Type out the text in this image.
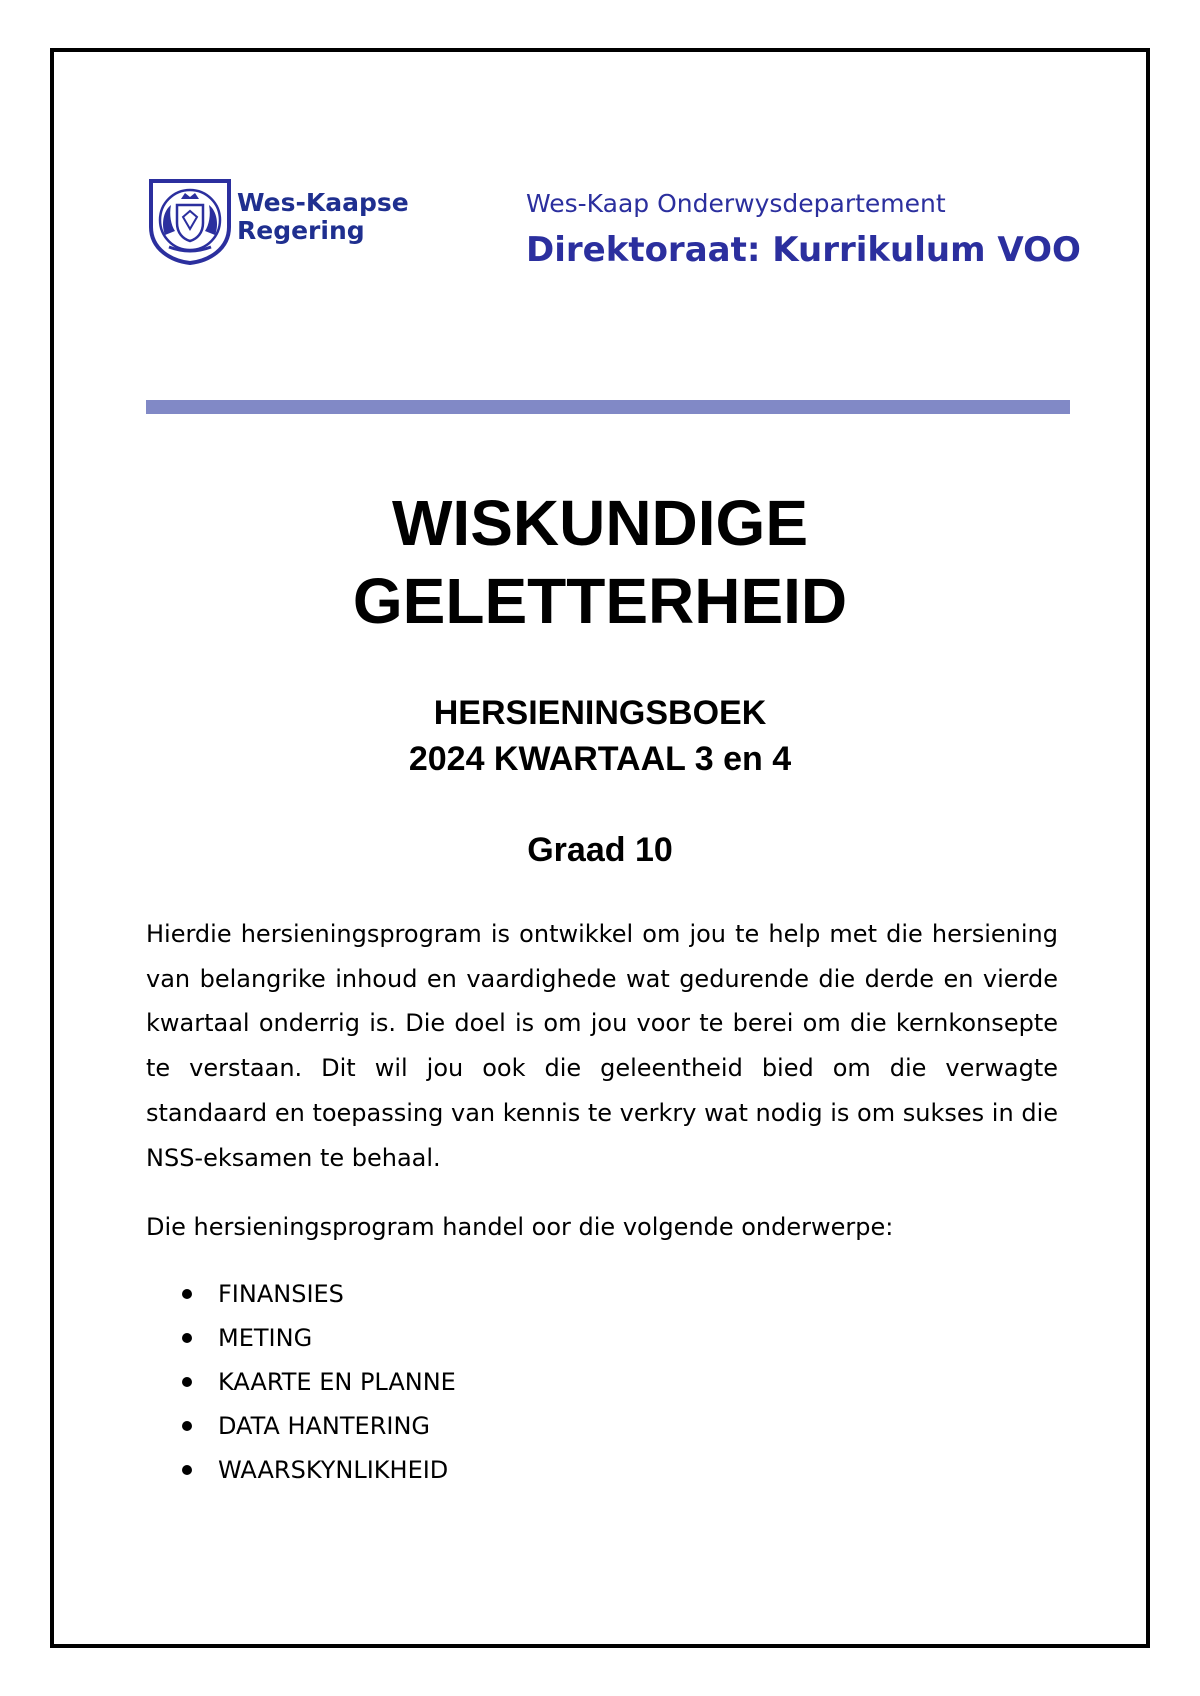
Wes-Kaapse
Regering
Wes-Kaap Onderwysdepartement
Direktoraat: Kurrikulum VOO
WISKUNDIGE
GELETTERHEID
HERSIENINGSBOEK
2024 KWARTAAL 3 en 4
Graad 10

Hierdie hersieningsprogram is ontwikkel om jou te help met die hersiening van belangrike inhoud en vaardighede wat gedurende die derde en vierde kwartaal onderrig is. Die doel is om jou voor te berei om die kernkonsepte te verstaan. Dit wil jou ook die geleentheid bied om die verwagte standaard en toepassing van kennis te verkry wat nodig is om sukses in die NSS-eksamen te behaal.

Die hersieningsprogram handel oor die volgende onderwerpe:
FINANSIES
METING
KAARTE EN PLANNE
DATA HANTERING
WAARSKYNLIKHEID
